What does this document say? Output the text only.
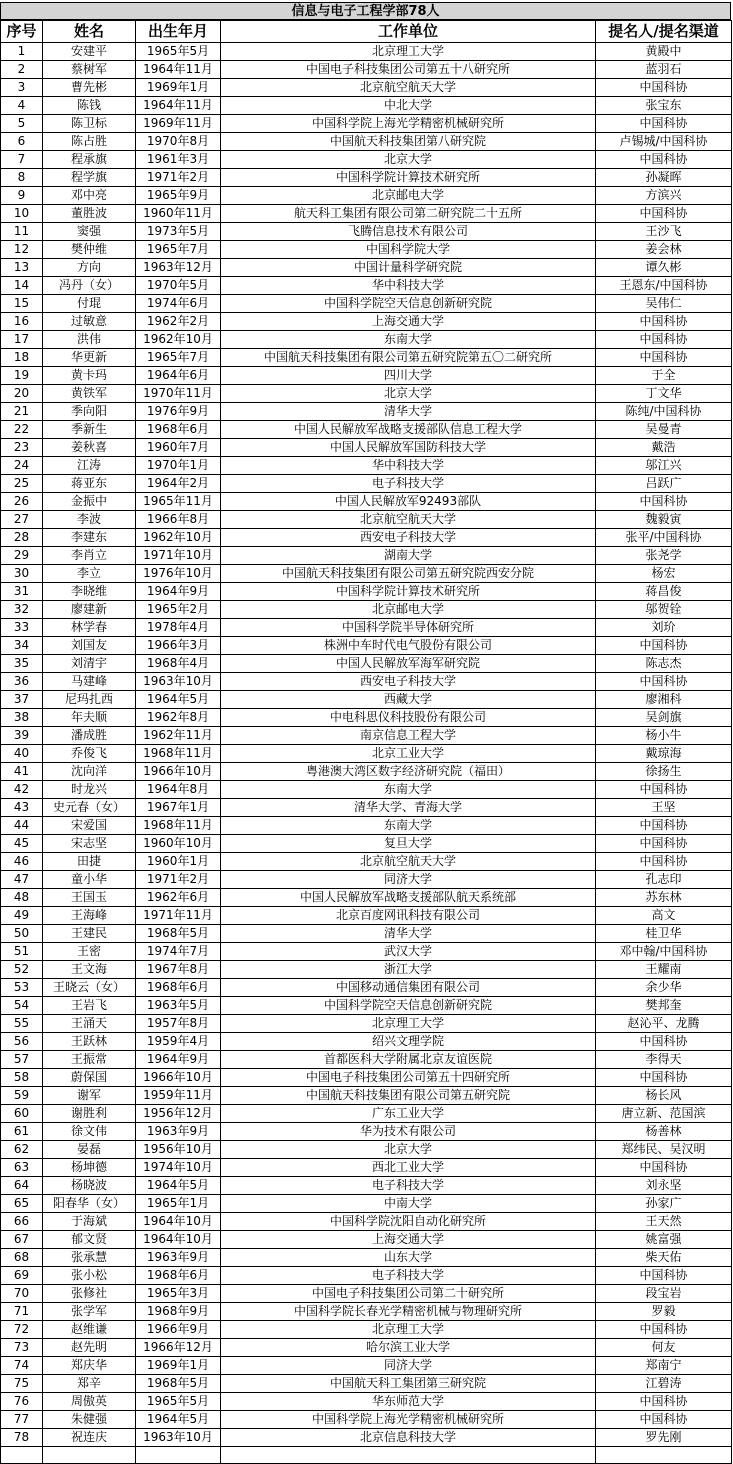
信息与电子工程学部78人
序号	姓名	出生年月	工作单位	提名人/提名渠道
1	安建平	1965年5月	北京理工大学	黄殿中
2	蔡树军	1964年11月	中国电子科技集团公司第五十八研究所	蓝羽石
3	曹先彬	1969年1月	北京航空航天大学	中国科协
4	陈钱	1964年11月	中北大学	张宝东
5	陈卫标	1969年11月	中国科学院上海光学精密机械研究所	中国科协
6	陈占胜	1970年8月	中国航天科技集团第八研究院	卢锡城/中国科协
7	程承旗	1961年3月	北京大学	中国科协
8	程学旗	1971年2月	中国科学院计算技术研究所	孙凝晖
9	邓中亮	1965年9月	北京邮电大学	方滨兴
10	董胜波	1960年11月	航天科工集团有限公司第二研究院二十五所	中国科协
11	窦强	1973年5月	飞腾信息技术有限公司	王沙飞
12	樊仲维	1965年7月	中国科学院大学	姜会林
13	方向	1963年12月	中国计量科学研究院	谭久彬
14	冯丹（女）	1970年5月	华中科技大学	王恩东/中国科协
15	付琨	1974年6月	中国科学院空天信息创新研究院	吴伟仁
16	过敏意	1962年2月	上海交通大学	中国科协
17	洪伟	1962年10月	东南大学	中国科协
18	华更新	1965年7月	中国航天科技集团有限公司第五研究院第五〇二研究所	中国科协
19	黄卡玛	1964年6月	四川大学	于全
20	黄铁军	1970年11月	北京大学	丁文华
21	季向阳	1976年9月	清华大学	陈纯/中国科协
22	季新生	1968年6月	中国人民解放军战略支援部队信息工程大学	吴曼青
23	姜秋喜	1960年7月	中国人民解放军国防科技大学	戴浩
24	江涛	1970年1月	华中科技大学	邬江兴
25	蒋亚东	1964年2月	电子科技大学	吕跃广
26	金振中	1965年11月	中国人民解放军92493部队	中国科协
27	李波	1966年8月	北京航空航天大学	魏毅寅
28	李建东	1962年10月	西安电子科技大学	张平/中国科协
29	李肖立	1971年10月	湖南大学	张尧学
30	李立	1976年10月	中国航天科技集团有限公司第五研究院西安分院	杨宏
31	李晓维	1964年9月	中国科学院计算技术研究所	蒋昌俊
32	廖建新	1965年2月	北京邮电大学	邬贺铨
33	林学春	1978年4月	中国科学院半导体研究所	刘玠
34	刘国友	1966年3月	株洲中车时代电气股份有限公司	中国科协
35	刘清宇	1968年4月	中国人民解放军海军研究院	陈志杰
36	马建峰	1963年10月	西安电子科技大学	中国科协
37	尼玛扎西	1964年5月	西藏大学	廖湘科
38	年夫顺	1962年8月	中电科思仪科技股份有限公司	吴剑旗
39	潘成胜	1962年11月	南京信息工程大学	杨小牛
40	乔俊飞	1968年11月	北京工业大学	戴琼海
41	沈向洋	1966年10月	粤港澳大湾区数字经济研究院（福田）	徐扬生
42	时龙兴	1964年8月	东南大学	中国科协
43	史元春（女）	1967年1月	清华大学、青海大学	王坚
44	宋爱国	1968年11月	东南大学	中国科协
45	宋志坚	1960年10月	复旦大学	中国科协
46	田捷	1960年1月	北京航空航天大学	中国科协
47	童小华	1971年2月	同济大学	孔志印
48	王国玉	1962年6月	中国人民解放军战略支援部队航天系统部	苏东林
49	王海峰	1971年11月	北京百度网讯科技有限公司	高文
50	王建民	1968年5月	清华大学	桂卫华
51	王密	1974年7月	武汉大学	邓中翰/中国科协
52	王文海	1967年8月	浙江大学	王耀南
53	王晓云（女）	1968年6月	中国移动通信集团有限公司	余少华
54	王岩飞	1963年5月	中国科学院空天信息创新研究院	樊邦奎
55	王涌天	1957年8月	北京理工大学	赵沁平、龙腾
56	王跃林	1959年4月	绍兴文理学院	中国科协
57	王振常	1964年9月	首都医科大学附属北京友谊医院	李得天
58	蔚保国	1966年10月	中国电子科技集团公司第五十四研究所	中国科协
59	谢军	1959年11月	中国航天科技集团有限公司第五研究院	杨长风
60	谢胜利	1956年12月	广东工业大学	唐立新、范国滨
61	徐文伟	1963年9月	华为技术有限公司	杨善林
62	晏磊	1956年10月	北京大学	郑纬民、吴汉明
63	杨坤德	1974年10月	西北工业大学	中国科协
64	杨晓波	1964年5月	电子科技大学	刘永坚
65	阳春华（女）	1965年1月	中南大学	孙家广
66	于海斌	1964年10月	中国科学院沈阳自动化研究所	王天然
67	郁文贤	1964年10月	上海交通大学	姚富强
68	张承慧	1963年9月	山东大学	柴天佑
69	张小松	1968年6月	电子科技大学	中国科协
70	张修社	1965年3月	中国电子科技集团公司第二十研究所	段宝岩
71	张学军	1968年9月	中国科学院长春光学精密机械与物理研究所	罗毅
72	赵维谦	1966年9月	北京理工大学	中国科协
73	赵先明	1966年12月	哈尔滨工业大学	何友
74	郑庆华	1969年1月	同济大学	郑南宁
75	郑辛	1968年5月	中国航天科工集团第三研究院	江碧涛
76	周傲英	1965年5月	华东师范大学	中国科协
77	朱健强	1964年5月	中国科学院上海光学精密机械研究所	中国科协
78	祝连庆	1963年10月	北京信息科技大学	罗先刚
